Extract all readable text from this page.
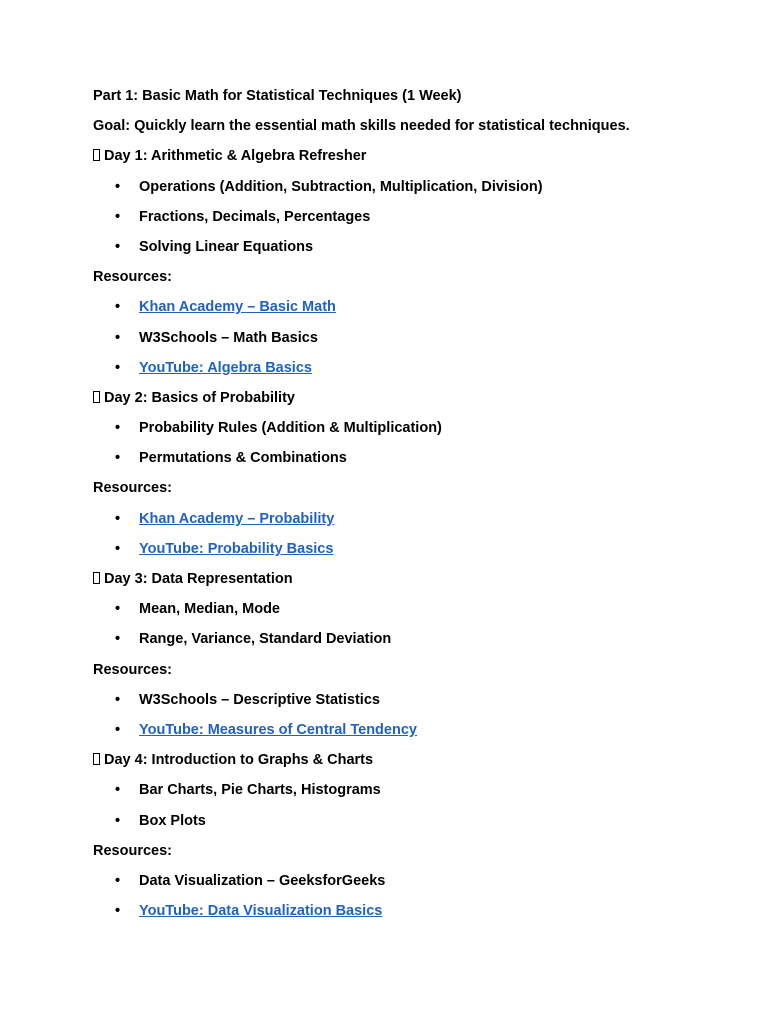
Part 1: Basic Math for Statistical Techniques (1 Week)
Goal: Quickly learn the essential math skills needed for statistical techniques.
Day 1: Arithmetic & Algebra Refresher
• Operations (Addition, Subtraction, Multiplication, Division)
• Fractions, Decimals, Percentages
• Solving Linear Equations
Resources:
• Khan Academy – Basic Math
• W3Schools – Math Basics
• YouTube: Algebra Basics
Day 2: Basics of Probability
• Probability Rules (Addition & Multiplication)
• Permutations & Combinations
Resources:
• Khan Academy – Probability
• YouTube: Probability Basics
Day 3: Data Representation
• Mean, Median, Mode
• Range, Variance, Standard Deviation
Resources:
• W3Schools – Descriptive Statistics
• YouTube: Measures of Central Tendency
Day 4: Introduction to Graphs & Charts
• Bar Charts, Pie Charts, Histograms
• Box Plots
Resources:
• Data Visualization – GeeksforGeeks
• YouTube: Data Visualization Basics
